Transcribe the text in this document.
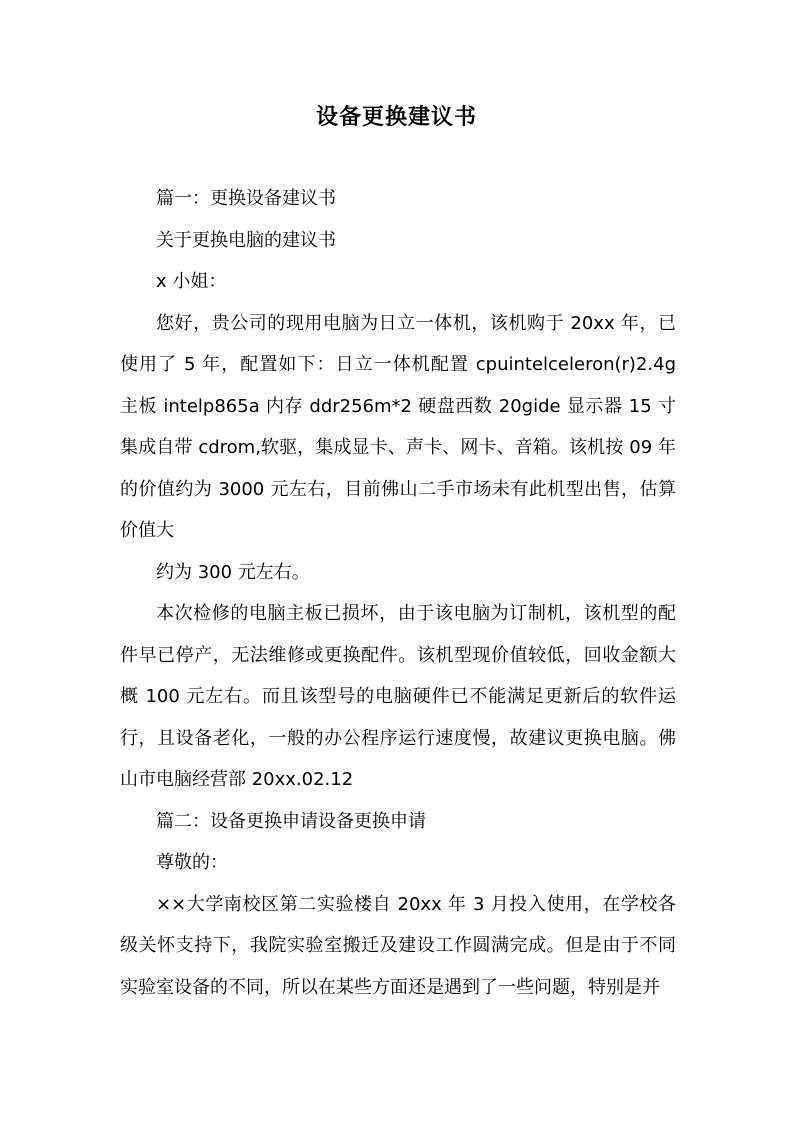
设备更换建议书

篇一：更换设备建议书

关于更换电脑的建议书

x 小姐：

您好，贵公司的现用电脑为日立一体机，该机购于 20xx 年，已使用了 5 年，配置如下：日立一体机配置 cpuintelceleron(r)2.4g 主板 intelp865a 内存 ddr256m*2 硬盘西数 20gide 显示器 15 寸集成自带 cdrom,软驱，集成显卡、声卡、网卡、音箱。该机按 09 年的价值约为 3000 元左右，目前佛山二手市场未有此机型出售，估算价值大

约为 300 元左右。

本次检修的电脑主板已损坏，由于该电脑为订制机，该机型的配件早已停产，无法维修或更换配件。该机型现价值较低，回收金额大概 100 元左右。而且该型号的电脑硬件已不能满足更新后的软件运行，且设备老化，一般的办公程序运行速度慢，故建议更换电脑。佛山市电脑经营部 20xx.02.12

篇二：设备更换申请设备更换申请

尊敬的：

××大学南校区第二实验楼自 20xx 年 3 月投入使用，在学校各级关怀支持下，我院实验室搬迁及建设工作圆满完成。但是由于不同实验室设备的不同，所以在某些方面还是遇到了一些问题，特别是并
